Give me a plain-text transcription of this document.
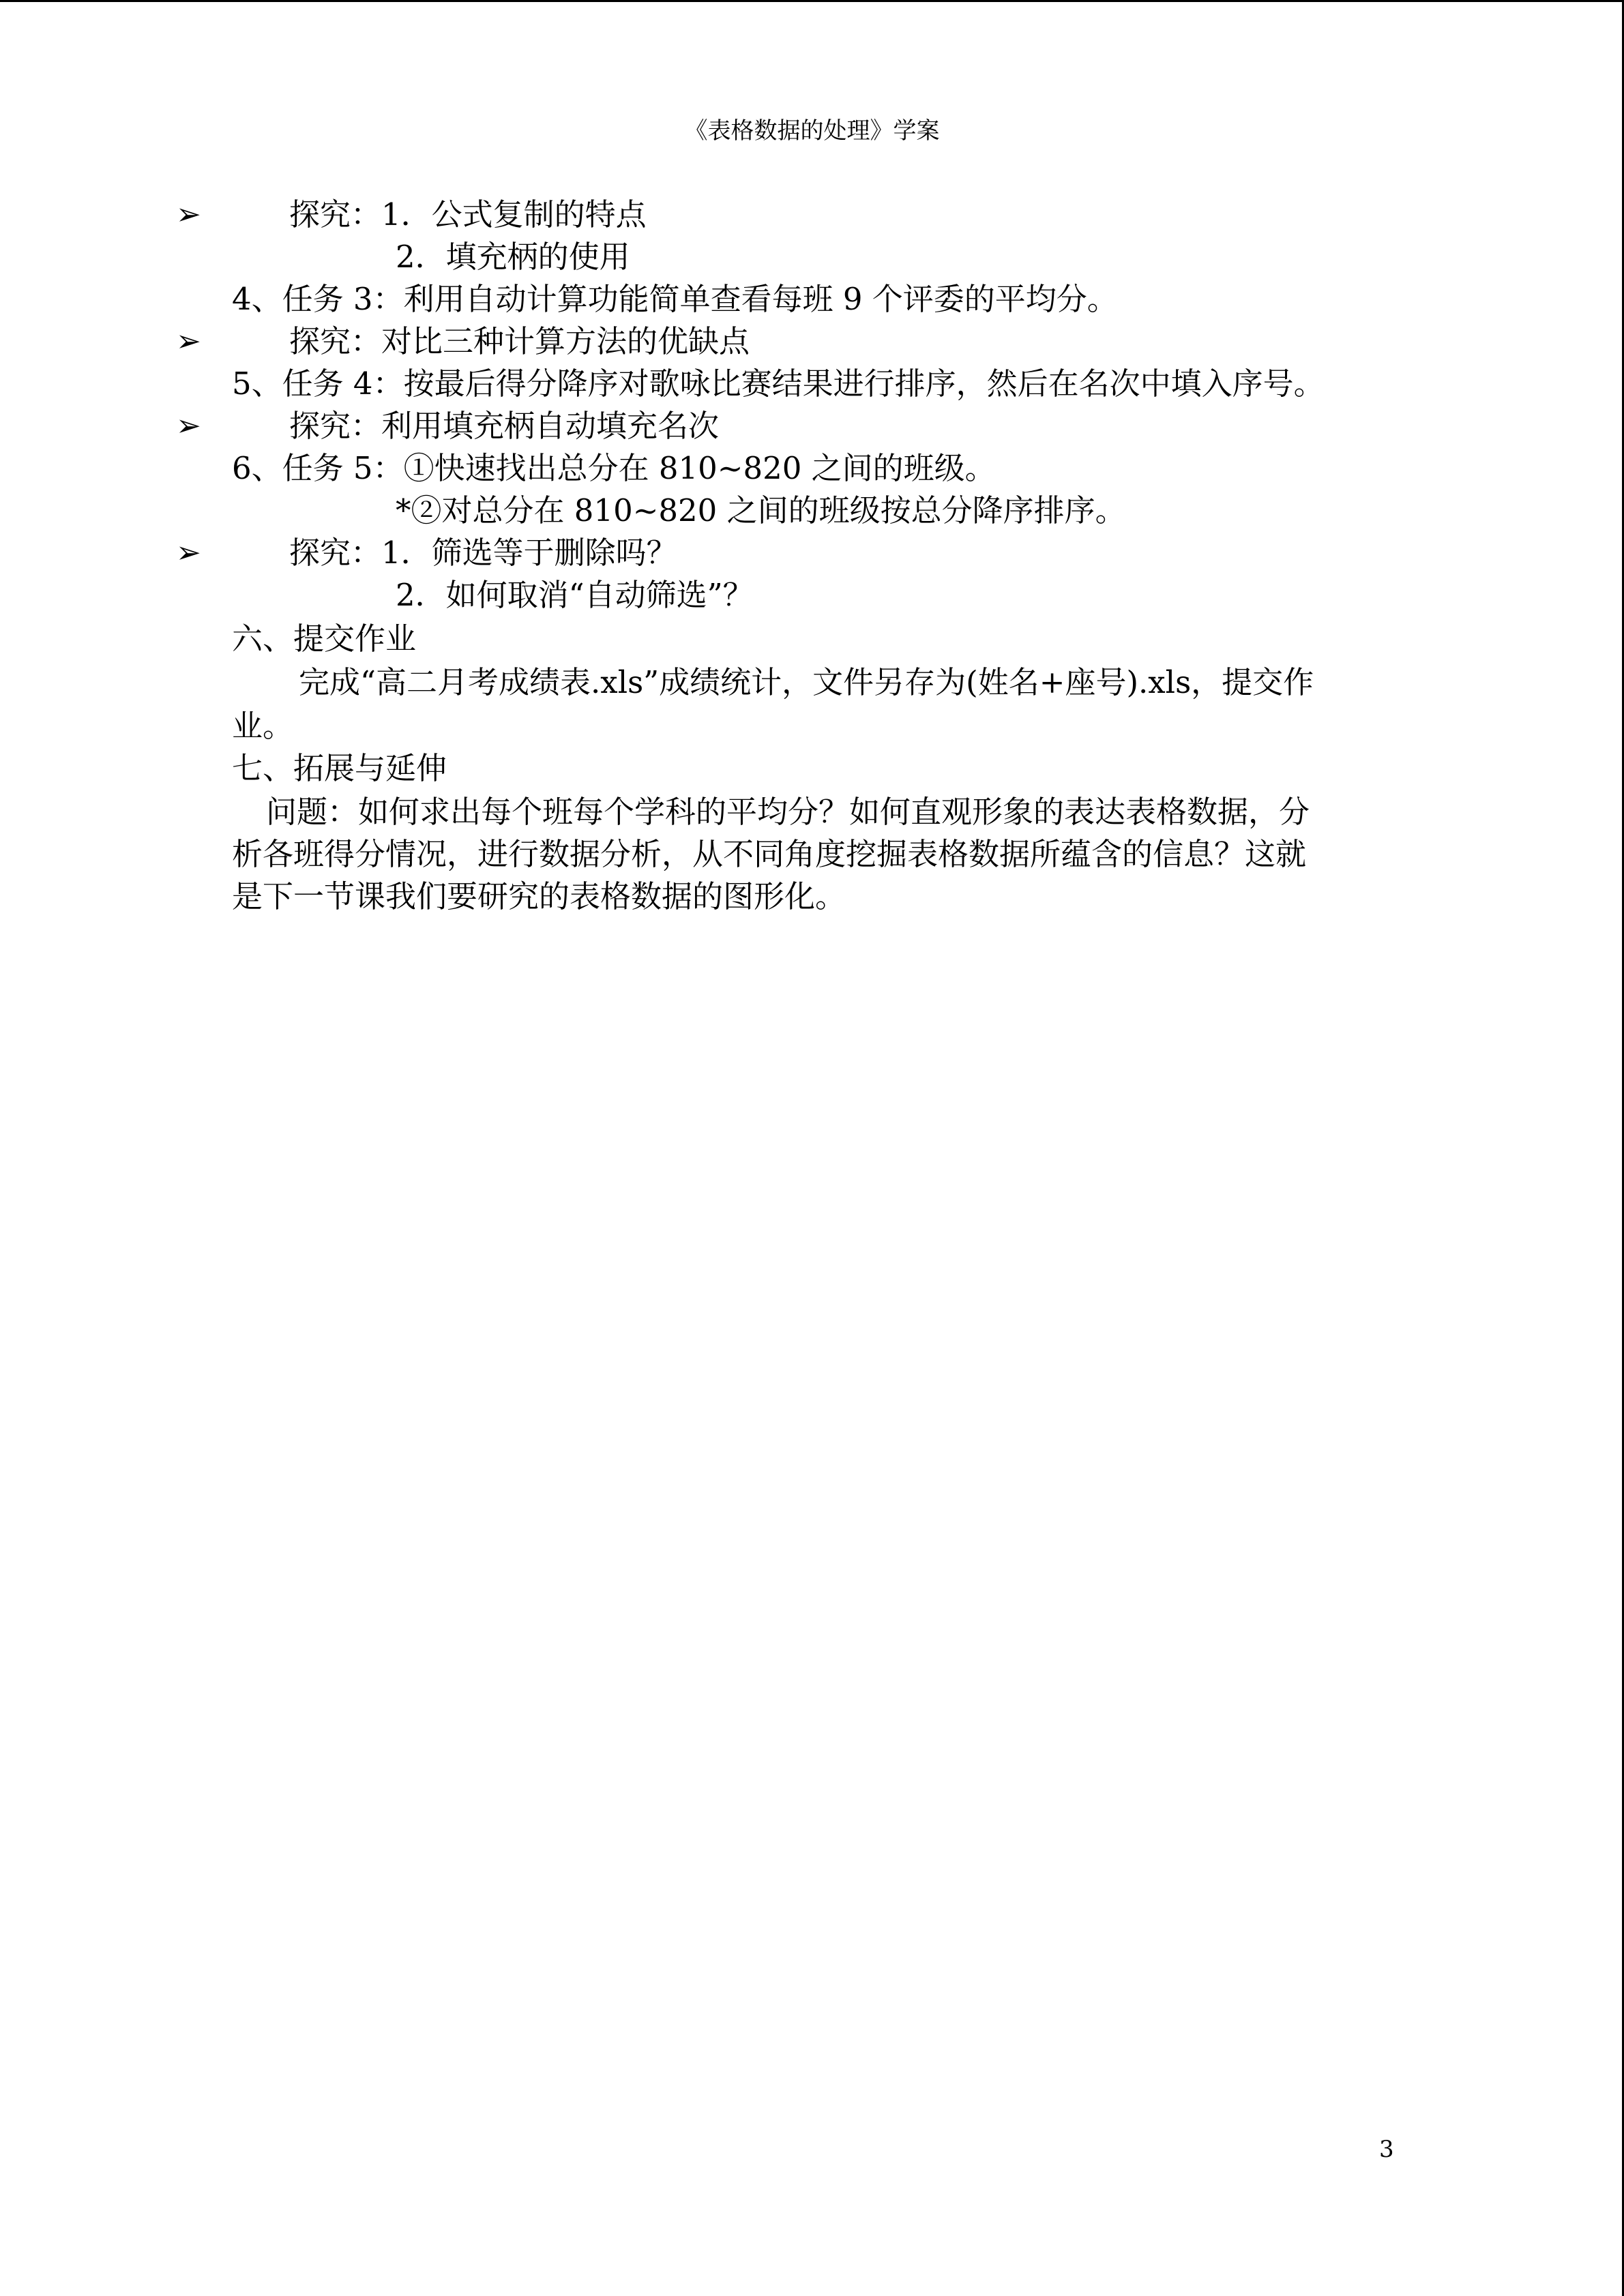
《表格数据的处理》学案
➢	探究：1．公式复制的特点
2．填充柄的使用
4、任务 3：利用自动计算功能简单查看每班 9 个评委的平均分。
➢	探究：对比三种计算方法的优缺点
5、任务 4：按最后得分降序对歌咏比赛结果进行排序，然后在名次中填入序号。
➢	探究：利用填充柄自动填充名次
6、任务 5：①快速找出总分在 810~820 之间的班级。
*②对总分在 810~820 之间的班级按总分降序排序。
➢	探究：1．筛选等于删除吗？
2．如何取消“自动筛选”？
六、提交作业
完成“高二月考成绩表.xls”成绩统计，文件另存为(姓名+座号).xls，提交作
业。
七、拓展与延伸
问题：如何求出每个班每个学科的平均分？如何直观形象的表达表格数据，分
析各班得分情况，进行数据分析，从不同角度挖掘表格数据所蕴含的信息？这就
是下一节课我们要研究的表格数据的图形化。
3
